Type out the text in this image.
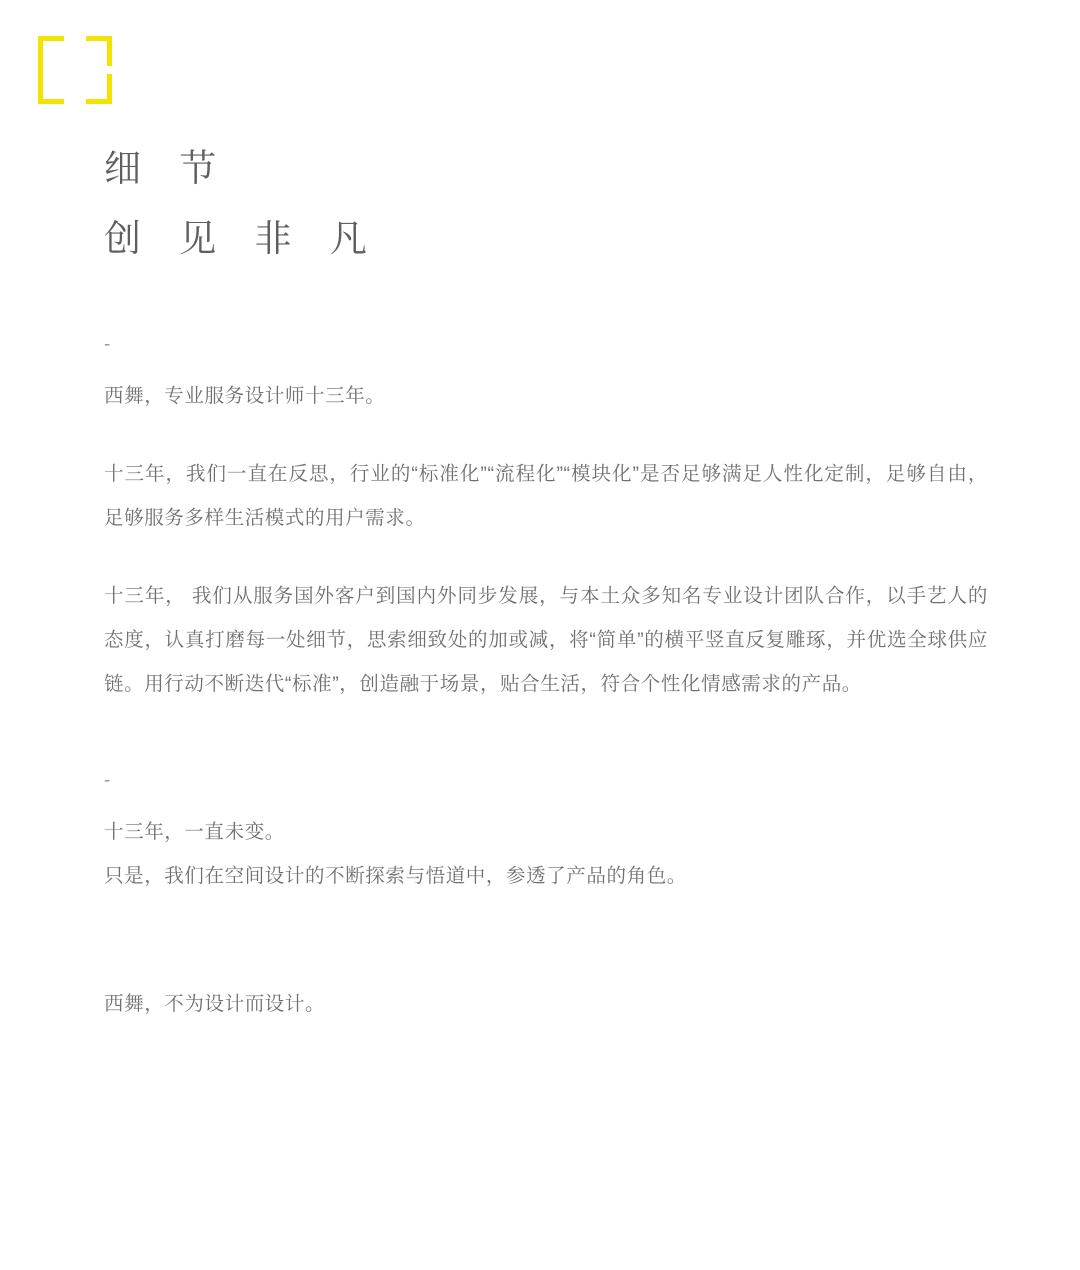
细 节
创 见 非 凡
-
西舞，专业服务设计师十三年。
十三年，我们一直在反思，行业的“标准化”“流程化”“模块化”是否足够满足人性化定制，足够自由，足够服务多样生活模式的用户需求。
十三年， 我们从服务国外客户到国内外同步发展，与本土众多知名专业设计团队合作，以手艺人的态度，认真打磨每一处细节，思索细致处的加或减，将“简单”的横平竖直反复雕琢，并优选全球供应链。用行动不断迭代“标准”，创造融于场景，贴合生活，符合个性化情感需求的产品。
-
十三年，一直未变。
只是，我们在空间设计的不断探索与悟道中，参透了产品的角色。
西舞，不为设计而设计。
